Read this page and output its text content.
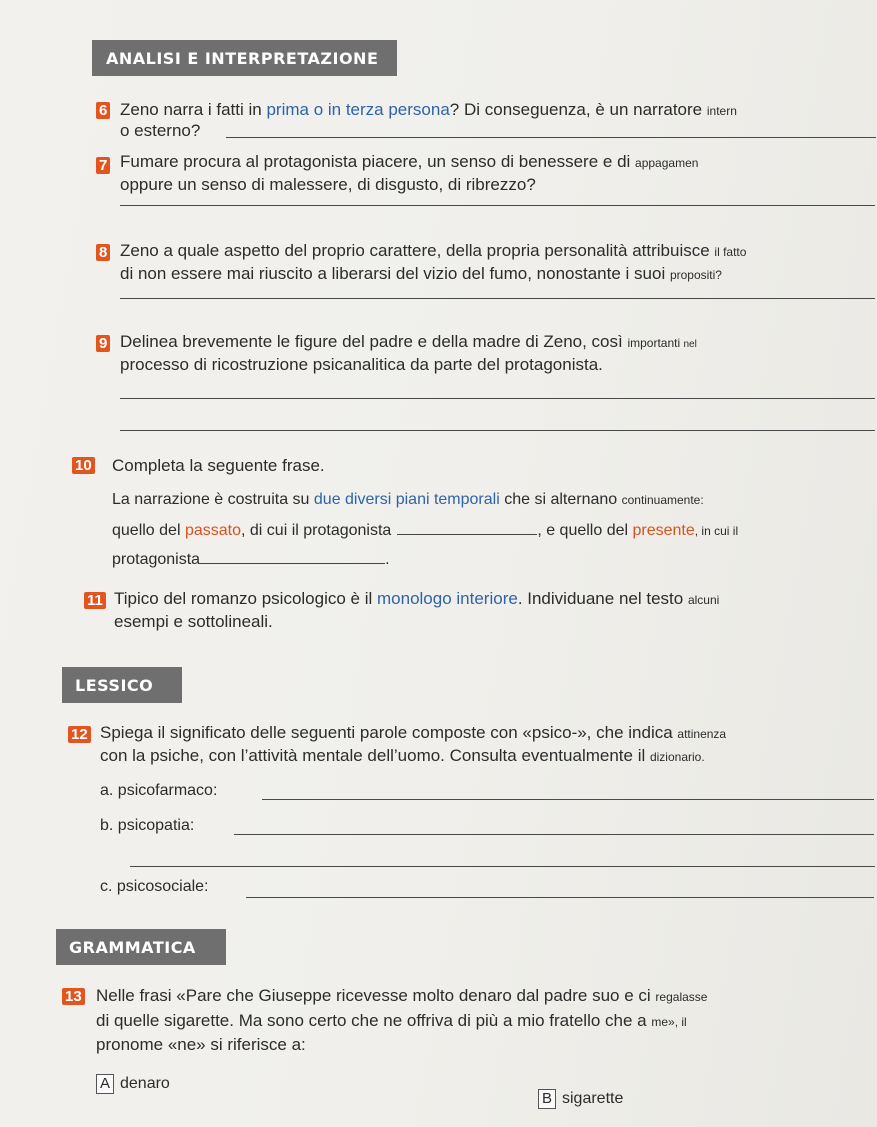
ANALISI E INTERPRETAZIONE
6 Zeno narra i fatti in prima o in terza persona? Di conseguenza, è un narratore intern
o esterno?
7 Fumare procura al protagonista piacere, un senso di benessere e di appagamen
oppure un senso di malessere, di disgusto, di ribrezzo?
8 Zeno a quale aspetto del proprio carattere, della propria personalità attribuisce il fatto
di non essere mai riuscito a liberarsi del vizio del fumo, nonostante i suoi propositi?
9 Delinea brevemente le figure del padre e della madre di Zeno, così importanti nel
processo di ricostruzione psicanalitica da parte del protagonista.
10 Completa la seguente frase.
La narrazione è costruita su due diversi piani temporali che si alternano continuamente:
quello del passato, di cui il protagonista	, e quello del presente, in cui il
protagonista	.
11 Tipico del romanzo psicologico è il monologo interiore. Individuane nel testo alcuni
esempi e sottolineali.
LESSICO
12 Spiega il significato delle seguenti parole composte con «psico-», che indica attinenza
con la psiche, con l’attività mentale dell’uomo. Consulta eventualmente il dizionario.
a. psicofarmaco:
b. psicopatia:
c. psicosociale:
GRAMMATICA
13 Nelle frasi «Pare che Giuseppe ricevesse molto denaro dal padre suo e ci regalasse
di quelle sigarette. Ma sono certo che ne offriva di più a mio fratello che a me», il
pronome «ne» si riferisce a:
A denaro
B sigarette
